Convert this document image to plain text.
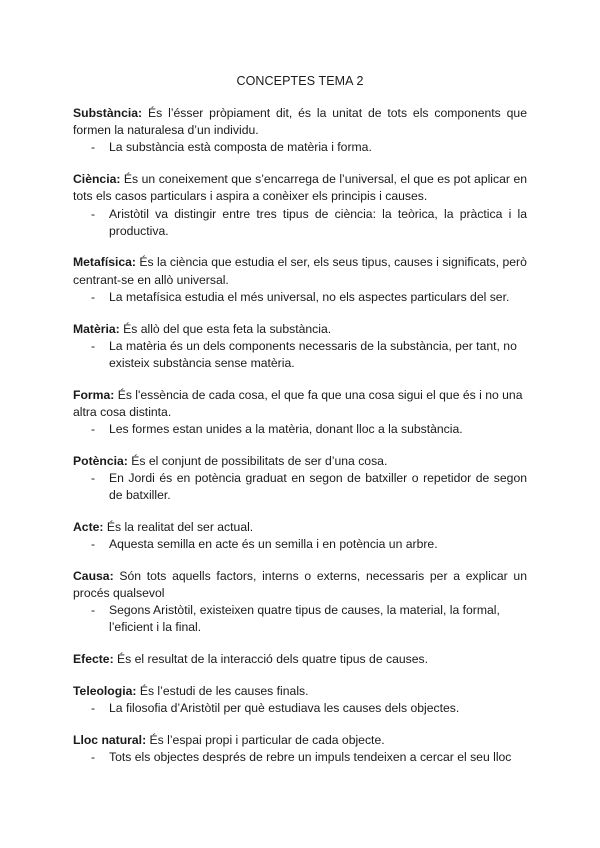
CONCEPTES TEMA 2

Substància: És l’ésser pròpiament dit, és la unitat de tots els components que formen la naturalesa d’un individu.

- La substància està composta de matèria i forma.

Ciència: És un coneixement que s’encarrega de l’universal, el que es pot aplicar en tots els casos particulars i aspira a conèixer els principis i causes.

- Aristòtil va distingir entre tres tipus de ciència: la teòrica, la pràctica i la productiva.

Metafísica: És la ciència que estudia el ser, els seus tipus, causes i significats, però centrant-se en allò universal.

- La metafísica estudia el més universal, no els aspectes particulars del ser.

Matèria: És allò del que esta feta la substància.

- La matèria és un dels components necessaris de la substància, per tant, no existeix substància sense matèria.

Forma: És l'essència de cada cosa, el que fa que una cosa sigui el que és i no una altra cosa distinta.

- Les formes estan unides a la matèria, donant lloc a la substància.

Potència: És el conjunt de possibilitats de ser d’una cosa.

- En Jordi és en potència graduat en segon de batxiller o repetidor de segon de batxiller.

Acte: És la realitat del ser actual.

- Aquesta semilla en acte és un semilla i en potència un arbre.

Causa: Són tots aquells factors, interns o externs, necessaris per a explicar un procés qualsevol

- Segons Aristòtil, existeixen quatre tipus de causes, la material, la formal, l’eficient i la final.

Efecte: És el resultat de la interacció dels quatre tipus de causes.

Teleologia: És l’estudi de les causes finals.

- La filosofia d’Aristòtil per què estudiava les causes dels objectes.

Lloc natural: És l’espai propi i particular de cada objecte.

- Tots els objectes després de rebre un impuls tendeixen a cercar el seu lloc
